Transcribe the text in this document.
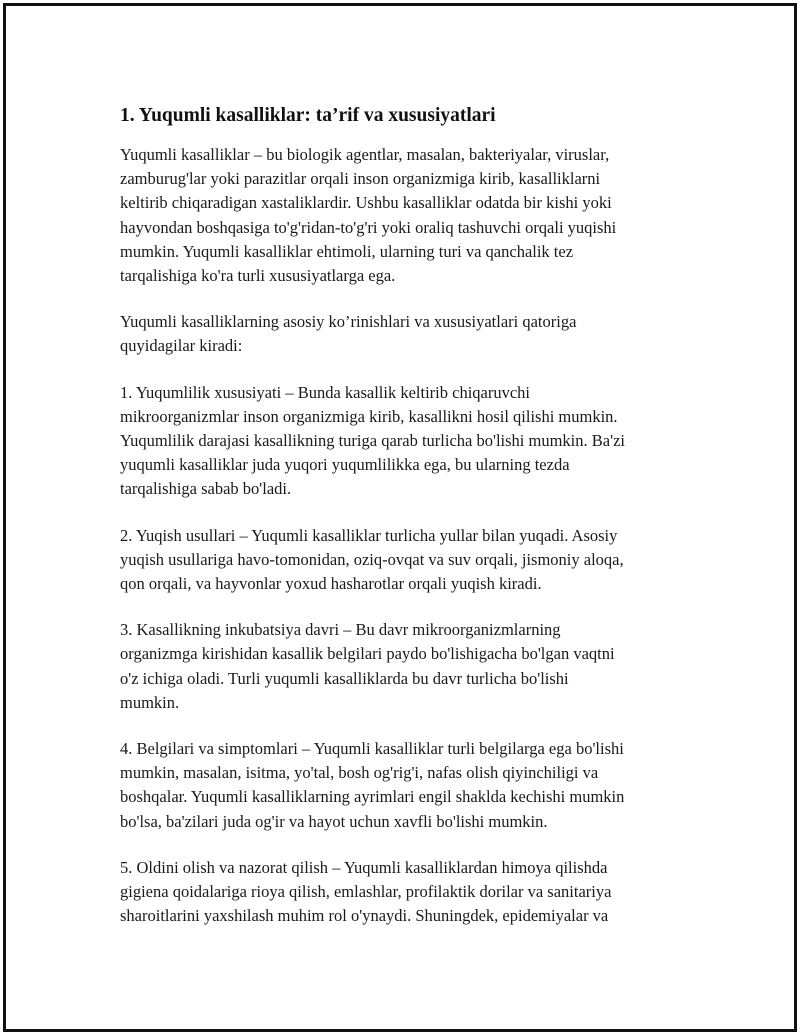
1. Yuqumli kasalliklar: ta’rif va xususiyatlari

Yuqumli kasalliklar – bu biologik agentlar, masalan, bakteriyalar, viruslar,
zamburug'lar yoki parazitlar orqali inson organizmiga kirib, kasalliklarni
keltirib chiqaradigan xastaliklardir. Ushbu kasalliklar odatda bir kishi yoki
hayvondan boshqasiga to'g'ridan-to'g'ri yoki oraliq tashuvchi orqali yuqishi
mumkin. Yuqumli kasalliklar ehtimoli, ularning turi va qanchalik tez
tarqalishiga ko'ra turli xususiyatlarga ega.

Yuqumli kasalliklarning asosiy ko’rinishlari va xususiyatlari qatoriga
quyidagilar kiradi:

1. Yuqumlilik xususiyati – Bunda kasallik keltirib chiqaruvchi
mikroorganizmlar inson organizmiga kirib, kasallikni hosil qilishi mumkin.
Yuqumlilik darajasi kasallikning turiga qarab turlicha bo'lishi mumkin. Ba'zi
yuqumli kasalliklar juda yuqori yuqumlilikka ega, bu ularning tezda
tarqalishiga sabab bo'ladi.

2. Yuqish usullari – Yuqumli kasalliklar turlicha yullar bilan yuqadi. Asosiy
yuqish usullariga havo-tomonidan, oziq-ovqat va suv orqali, jismoniy aloqa,
qon orqali, va hayvonlar yoxud hasharotlar orqali yuqish kiradi.

3. Kasallikning inkubatsiya davri – Bu davr mikroorganizmlarning
organizmga kirishidan kasallik belgilari paydo bo'lishigacha bo'lgan vaqtni
o'z ichiga oladi. Turli yuqumli kasalliklarda bu davr turlicha bo'lishi
mumkin.

4. Belgilari va simptomlari – Yuqumli kasalliklar turli belgilarga ega bo'lishi
mumkin, masalan, isitma, yo'tal, bosh og'rig'i, nafas olish qiyinchiligi va
boshqalar. Yuqumli kasalliklarning ayrimlari engil shaklda kechishi mumkin
bo'lsa, ba'zilari juda og'ir va hayot uchun xavfli bo'lishi mumkin.

5. Oldini olish va nazorat qilish – Yuqumli kasalliklardan himoya qilishda
gigiena qoidalariga rioya qilish, emlashlar, profilaktik dorilar va sanitariya
sharoitlarini yaxshilash muhim rol o'ynaydi. Shuningdek, epidemiyalar va
